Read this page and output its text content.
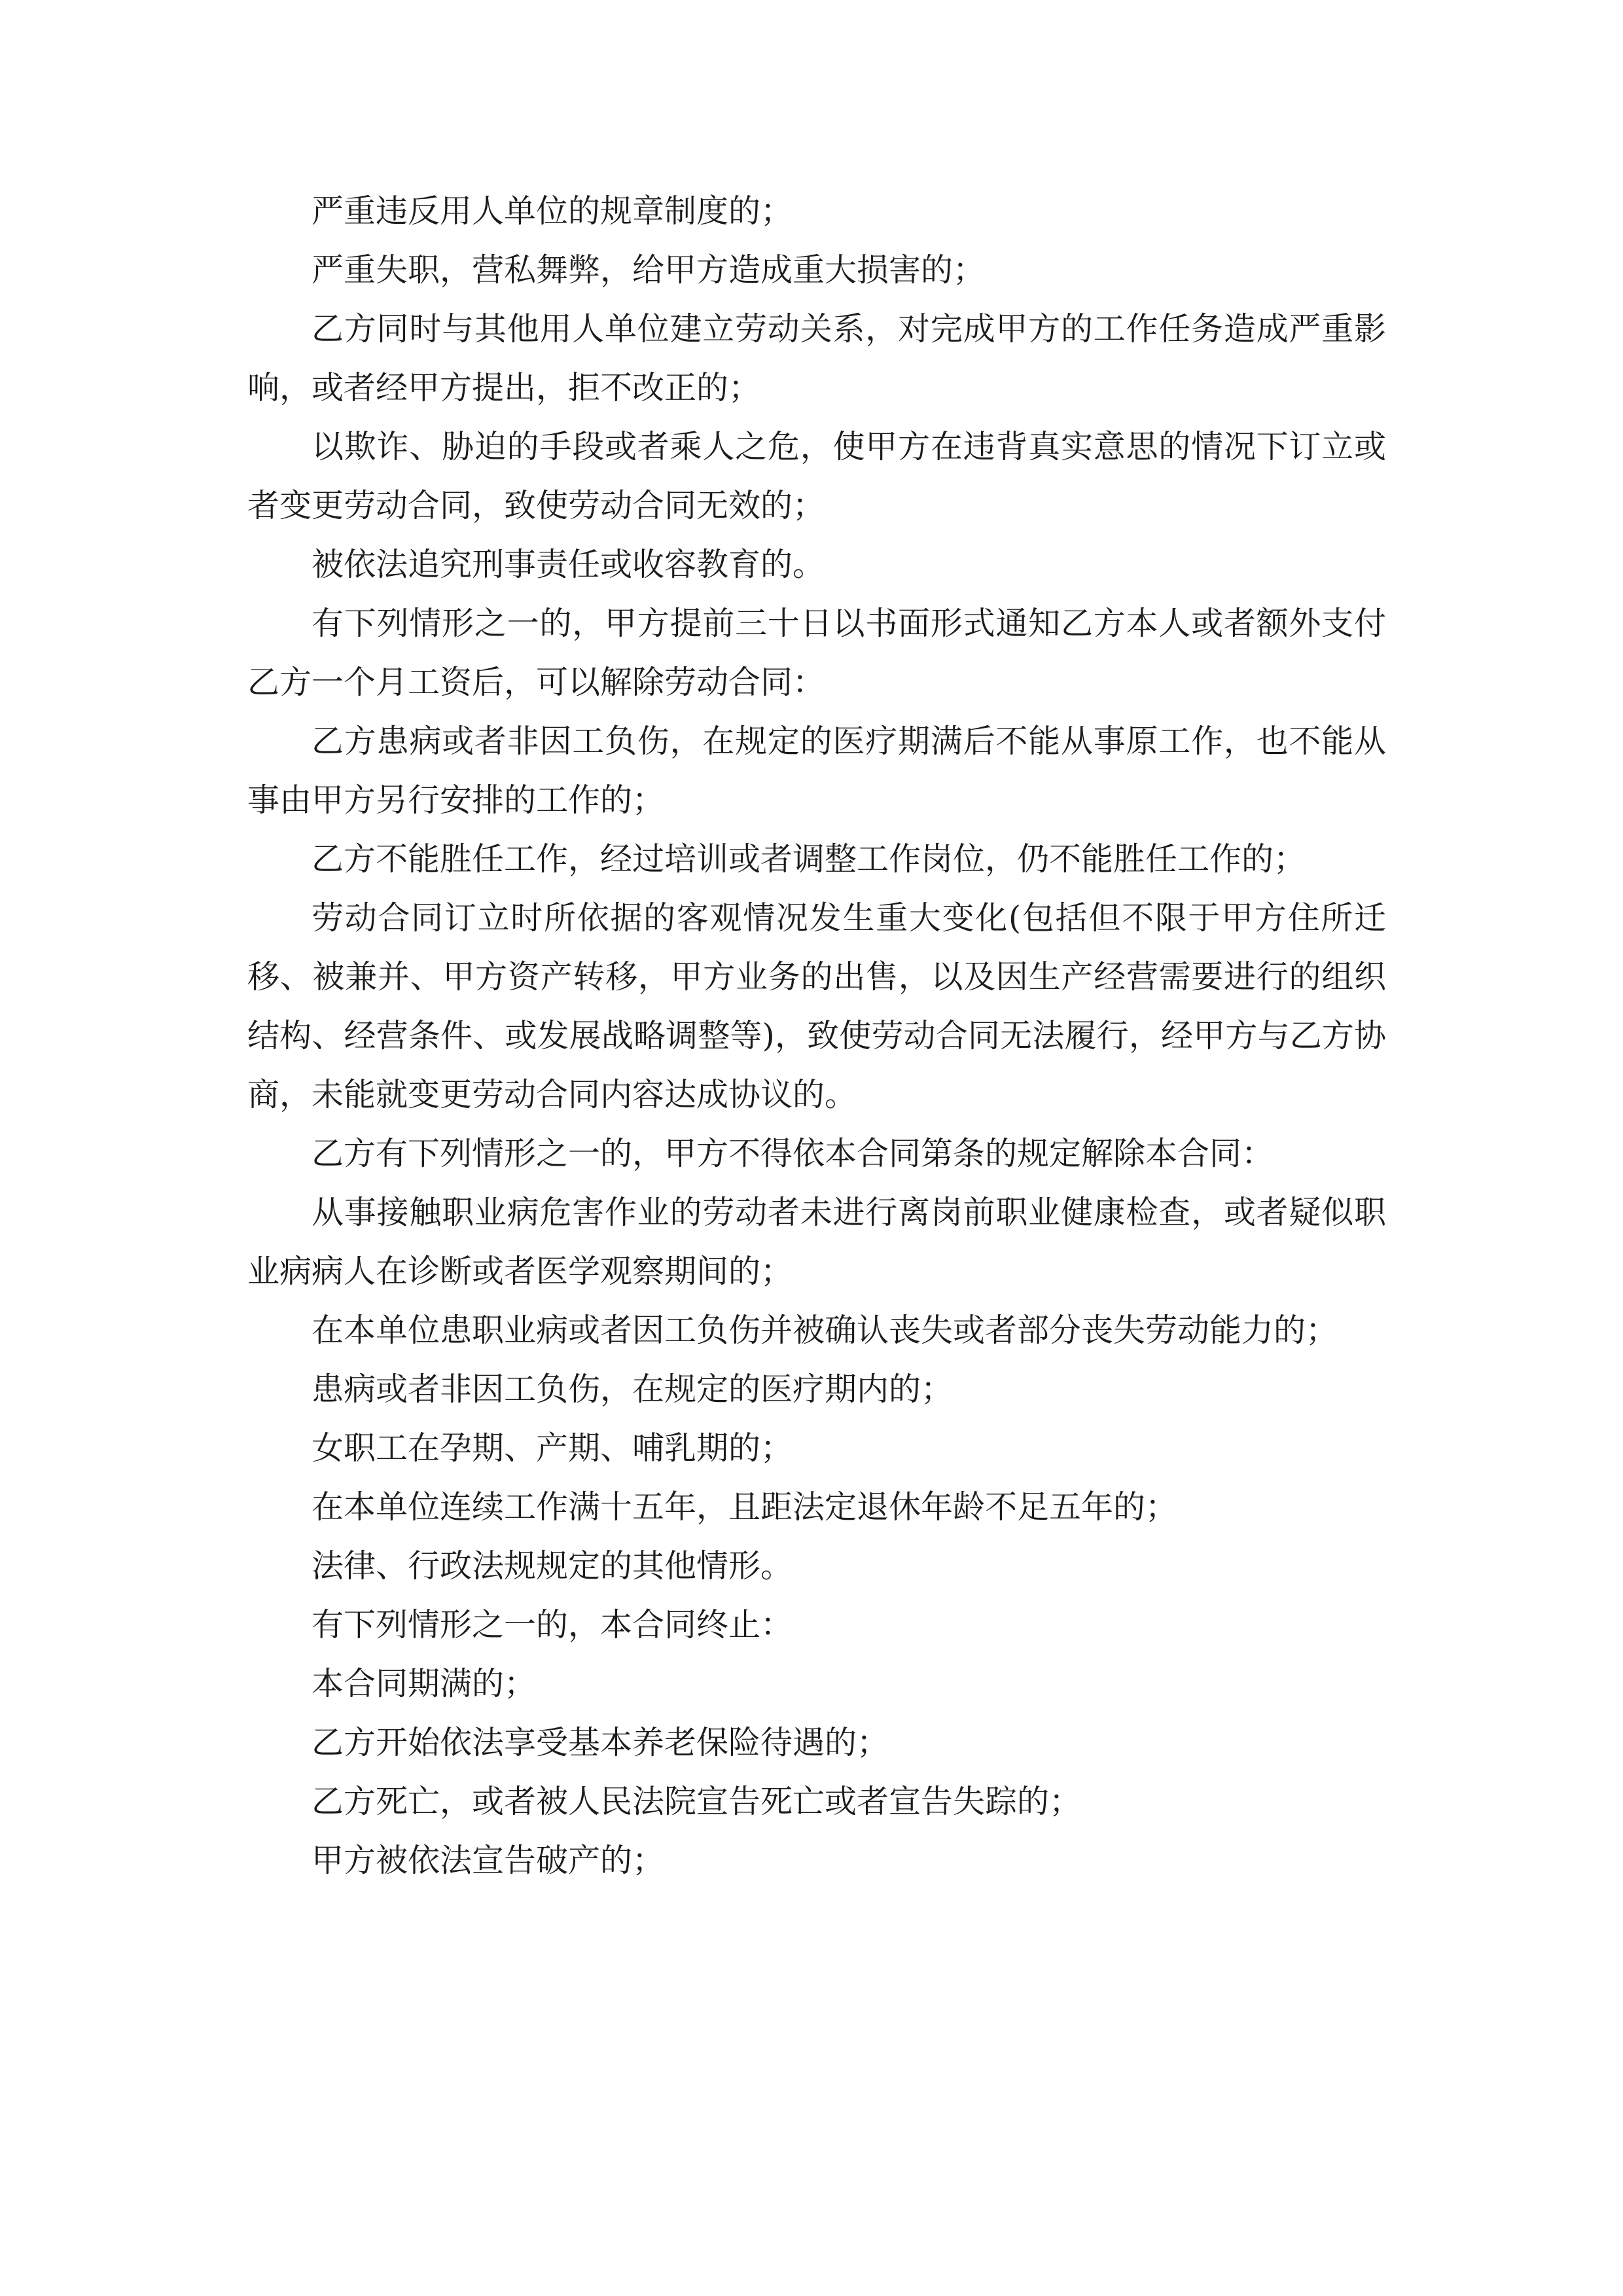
严重违反用人单位的规章制度的；

严重失职，营私舞弊，给甲方造成重大损害的；

乙方同时与其他用人单位建立劳动关系，对完成甲方的工作任务造成严重影响，或者经甲方提出，拒不改正的；

以欺诈、胁迫的手段或者乘人之危，使甲方在违背真实意思的情况下订立或者变更劳动合同，致使劳动合同无效的；

被依法追究刑事责任或收容教育的。

有下列情形之一的，甲方提前三十日以书面形式通知乙方本人或者额外支付乙方一个月工资后，可以解除劳动合同：

乙方患病或者非因工负伤，在规定的医疗期满后不能从事原工作，也不能从事由甲方另行安排的工作的；

乙方不能胜任工作，经过培训或者调整工作岗位，仍不能胜任工作的；

劳动合同订立时所依据的客观情况发生重大变化(包括但不限于甲方住所迁移、被兼并、甲方资产转移，甲方业务的出售，以及因生产经营需要进行的组织结构、经营条件、或发展战略调整等)，致使劳动合同无法履行，经甲方与乙方协商，未能就变更劳动合同内容达成协议的。

乙方有下列情形之一的，甲方不得依本合同第条的规定解除本合同：

从事接触职业病危害作业的劳动者未进行离岗前职业健康检查，或者疑似职业病病人在诊断或者医学观察期间的；

在本单位患职业病或者因工负伤并被确认丧失或者部分丧失劳动能力的；

患病或者非因工负伤，在规定的医疗期内的；

女职工在孕期、产期、哺乳期的；

在本单位连续工作满十五年，且距法定退休年龄不足五年的；

法律、行政法规规定的其他情形。

有下列情形之一的，本合同终止：

本合同期满的；

乙方开始依法享受基本养老保险待遇的；

乙方死亡，或者被人民法院宣告死亡或者宣告失踪的；

甲方被依法宣告破产的；
